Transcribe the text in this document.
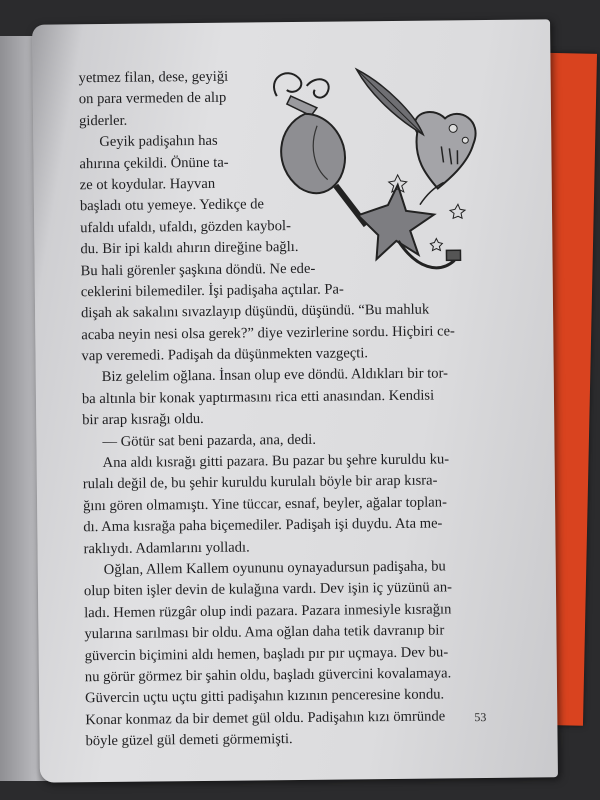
yetmez filan, dese, geyiği
on para vermeden de alıp
giderler.
Geyik padişahın has
ahırına çekildi. Önüne ta-
ze ot koydular. Hayvan
başladı otu yemeye. Yedikçe de
ufaldı ufaldı, ufaldı, gözden kaybol-
du. Bir ipi kaldı ahırın direğine bağlı.
Bu hali görenler şaşkına döndü. Ne ede-
ceklerini bilemediler. İşi padişaha açtılar. Pa-
dişah ak sakalını sıvazlayıp düşündü, düşündü. “Bu mahluk
acaba neyin nesi olsa gerek?” diye vezirlerine sordu. Hiçbiri ce-
vap veremedi. Padişah da düşünmekten vazgeçti.
Biz gelelim oğlana. İnsan olup eve döndü. Aldıkları bir tor-
ba altınla bir konak yaptırmasını rica etti anasından. Kendisi
bir arap kısrağı oldu.
— Götür sat beni pazarda, ana, dedi.
Ana aldı kısrağı gitti pazara. Bu pazar bu şehre kuruldu ku-
rulalı değil de, bu şehir kuruldu kurulalı böyle bir arap kısra-
ğını gören olmamıştı. Yine tüccar, esnaf, beyler, ağalar toplan-
dı. Ama kısrağa paha biçemediler. Padişah işi duydu. Ata me-
raklıydı. Adamlarını yolladı.
Oğlan, Allem Kallem oyununu oynayadursun padişaha, bu
olup biten işler devin de kulağına vardı. Dev işin iç yüzünü an-
ladı. Hemen rüzgâr olup indi pazara. Pazara inmesiyle kısrağın
yularına sarılması bir oldu. Ama oğlan daha tetik davranıp bir
güvercin biçimini aldı hemen, başladı pır pır uçmaya. Dev bu-
nu görür görmez bir şahin oldu, başladı güvercini kovalamaya.
Güvercin uçtu uçtu gitti padişahın kızının penceresine kondu.
Konar konmaz da bir demet gül oldu. Padişahın kızı ömründe
böyle güzel gül demeti görmemişti.
53
